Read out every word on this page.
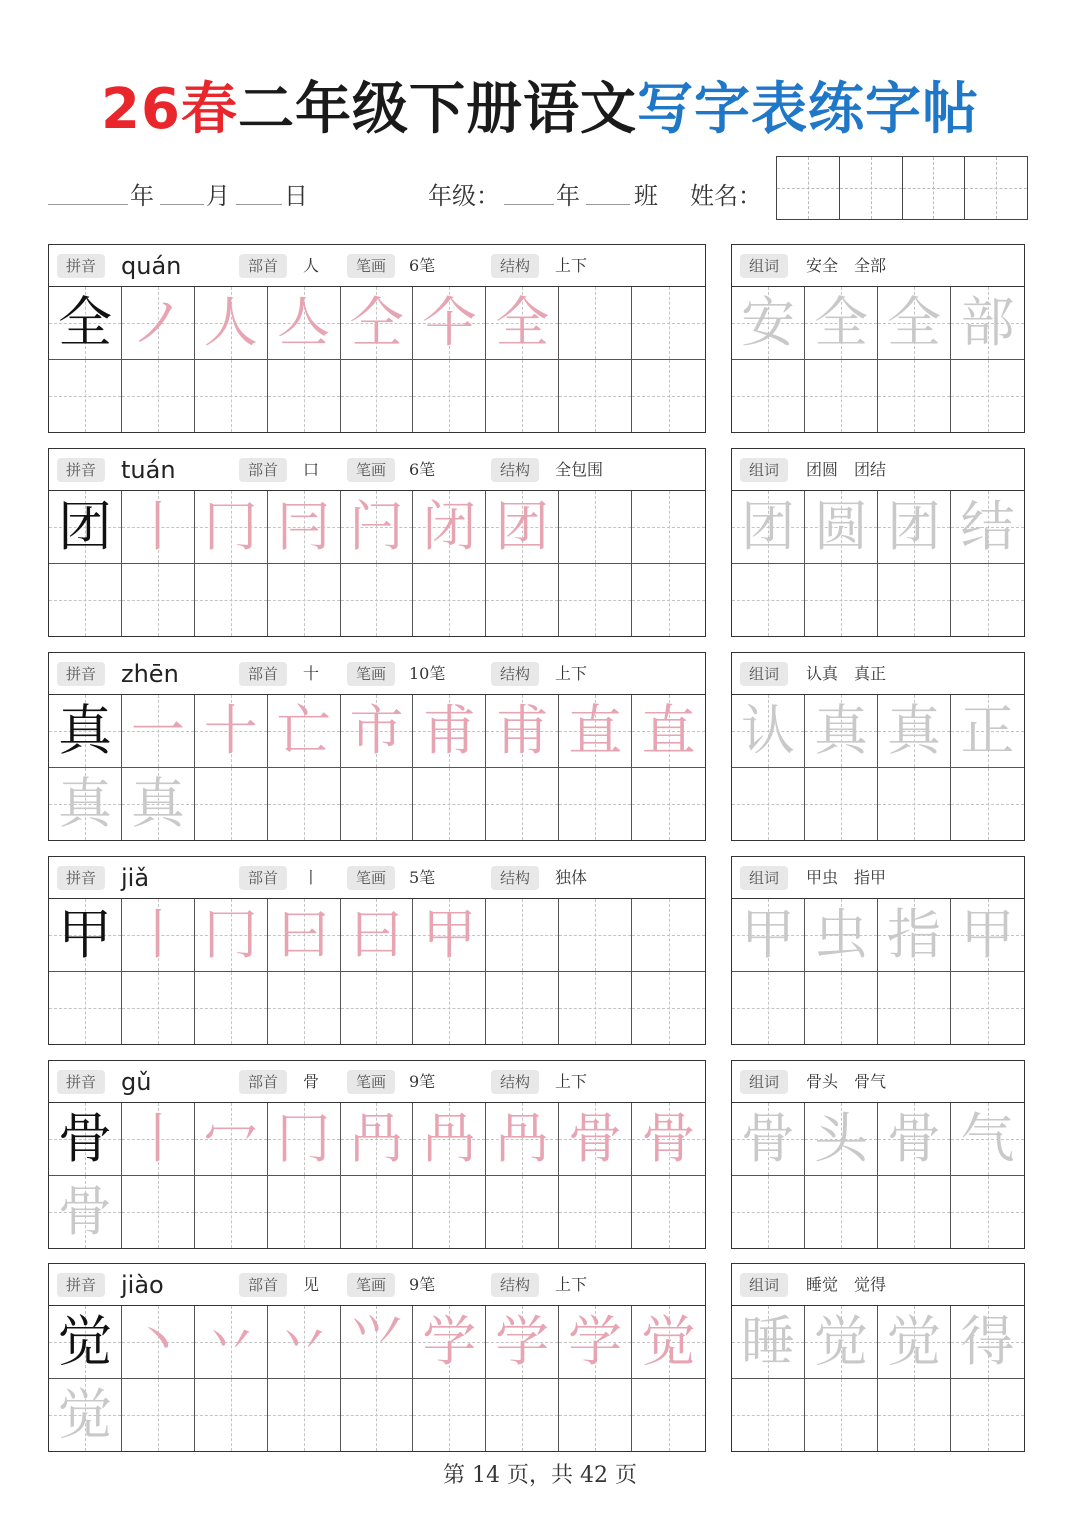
26春二年级下册语文写字表练字帖
年 月 日	年级： 年 班 姓名：
拼音	quán	部首	人	笔画	6笔	结构	上下
全 ノ 人 亼 仝 仐 全
组词	安全　全部
安 全 全 部
拼音	tuán	部首	口	笔画	6笔	结构	全包围
团 丨 冂 冃 闩 闭 团
组词	团圆　团结
团 圆 团 结
拼音	zhēn	部首	十	笔画	10笔	结构	上下
真 一 十 亡 市 甫 甫 直 直
真 真
组词	认真　真正
认 真 真 正
拼音	jiǎ	部首	丨	笔画	5笔	结构	独体
甲 丨 冂 曰 曰 甲
组词	甲虫　指甲
甲 虫 指 甲
拼音	gǔ	部首	骨	笔画	9笔	结构	上下
骨 丨 冖 冂 冎 冎 冎 骨 骨
骨
组词	骨头　骨气
骨 头 骨 气
拼音	jiào	部首	见	笔画	9笔	结构	上下
觉 丶 丷 丷 ⺍ 学 学 学 觉
觉
组词	睡觉　觉得
睡 觉 觉 得
第 14 页，共 42 页
